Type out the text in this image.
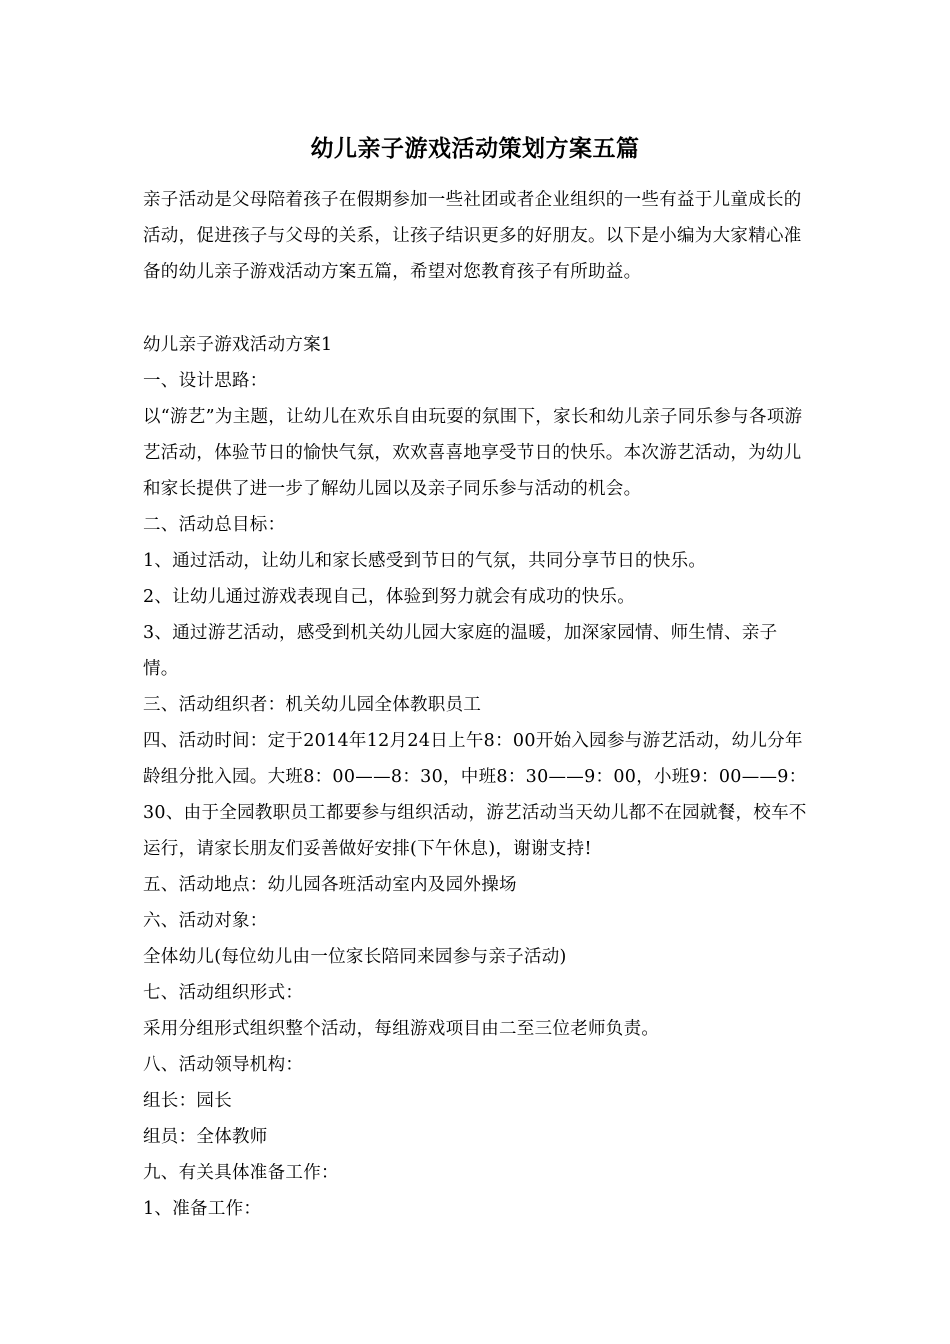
幼儿亲子游戏活动策划方案五篇

亲子活动是父母陪着孩子在假期参加一些社团或者企业组织的一些有益于儿童成长的活动，促进孩子与父母的关系，让孩子结识更多的好朋友。以下是小编为大家精心准备的幼儿亲子游戏活动方案五篇，希望对您教育孩子有所助益。

幼儿亲子游戏活动方案1

一、设计思路：

以“游艺”为主题，让幼儿在欢乐自由玩耍的氛围下，家长和幼儿亲子同乐参与各项游艺活动，体验节日的愉快气氛，欢欢喜喜地享受节日的快乐。本次游艺活动，为幼儿和家长提供了进一步了解幼儿园以及亲子同乐参与活动的机会。

二、活动总目标：

1、通过活动，让幼儿和家长感受到节日的气氛，共同分享节日的快乐。

2、让幼儿通过游戏表现自己，体验到努力就会有成功的快乐。

3、通过游艺活动，感受到机关幼儿园大家庭的温暖，加深家园情、师生情、亲子情。

三、活动组织者：机关幼儿园全体教职员工

四、活动时间：定于2014年12月24日上午8：00开始入园参与游艺活动，幼儿分年龄组分批入园。大班8：00——8：30，中班8：30——9：00，小班9：00——9：30、由于全园教职员工都要参与组织活动，游艺活动当天幼儿都不在园就餐，校车不运行，请家长朋友们妥善做好安排(下午休息)，谢谢支持!

五、活动地点：幼儿园各班活动室内及园外操场

六、活动对象：

全体幼儿(每位幼儿由一位家长陪同来园参与亲子活动)

七、活动组织形式：

采用分组形式组织整个活动，每组游戏项目由二至三位老师负责。

八、活动领导机构：

组长：园长

组员：全体教师

九、有关具体准备工作：

1、准备工作：
